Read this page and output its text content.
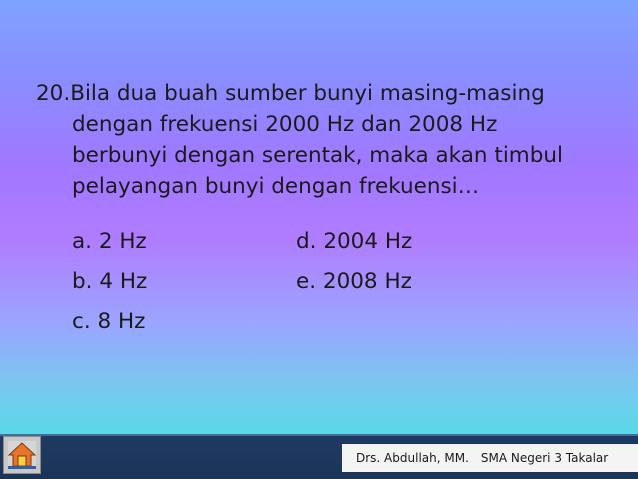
20.Bila dua buah sumber bunyi masing-masing
dengan frekuensi 2000 Hz dan 2008 Hz
berbunyi dengan serentak, maka akan timbul
pelayangan bunyi dengan frekuensi…
a. 2 Hz	d. 2004 Hz
b. 4 Hz	e. 2008 Hz
c. 8 Hz
Drs. Abdullah, MM. SMA Negeri 3 Takalar
